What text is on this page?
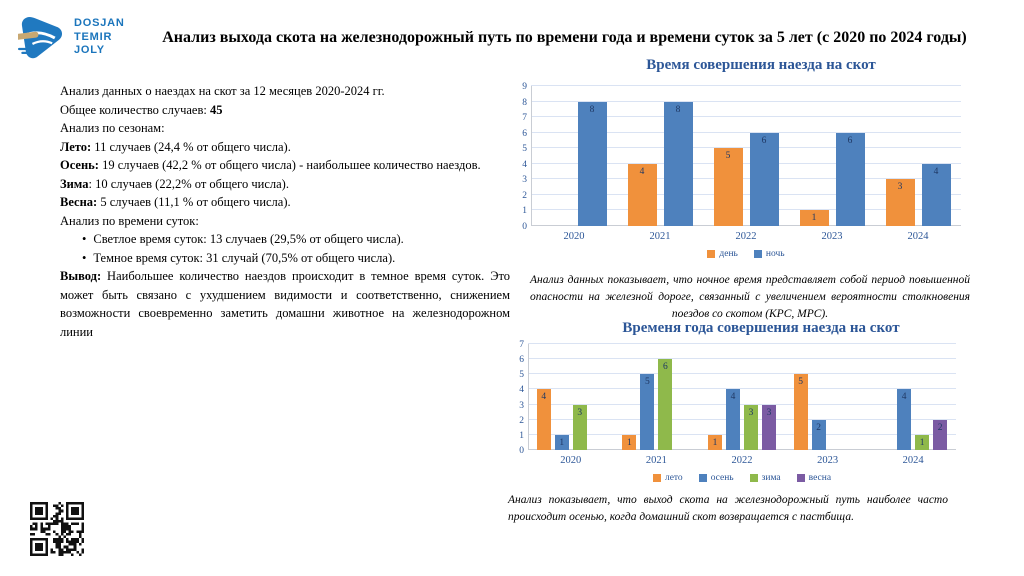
DOSJAN
TEMIR
JOLY
Анализ выхода скота на железнодорожный путь по времени года и времени суток за 5 лет (с 2020 по 2024 годы)
Анализ данных о наездах на скот за 12 месяцев 2020-2024 гг.
Общее количество случаев: 45
Анализ по сезонам:
Лето: 11 случаев (24,4 % от общего числа).
Осень: 19 случаев (42,2 % от общего числа) - наибольшее количество наездов.
Зима: 10 случаев (22,2% от общего числа).
Весна: 5 случаев (11,1 % от общего числа).
Анализ по времени суток:
• Светлое время суток: 13 случаев (29,5% от общего числа).
• Темное время суток: 31 случай (70,5% от общего числа).
Вывод: Наибольшее количество наездов происходит в темное время суток. Это может быть связано с ухудшением видимости и соответственно, снижением возможности своевременно заметить домашни животное на железнодорожном линии
Время совершения наезда на скот
0
1
2
3
4
5
6
7
8
9
8
4
8
5
6
1
6
3
4
2020	2021	2022	2023	2024
день	ночь

Анализ данных показывает, что ночное время представляет собой период повышенной опасности на железной дороге, связанный с увеличением вероятности столкновения поездов со скотом (КРС, МРС).

Временя года совершения наезда на скот
0
1
2
3
4
5
6
7
4
1
3
1
5
6
1
4
3 3
5
2
4
1
2
2020	2021	2022	2023	2024
лето	осень	зима	весна

Анализ показывает, что выход скота на железнодорожный путь наиболее часто происходит осенью, когда домашний скот возвращается с пастбища.
